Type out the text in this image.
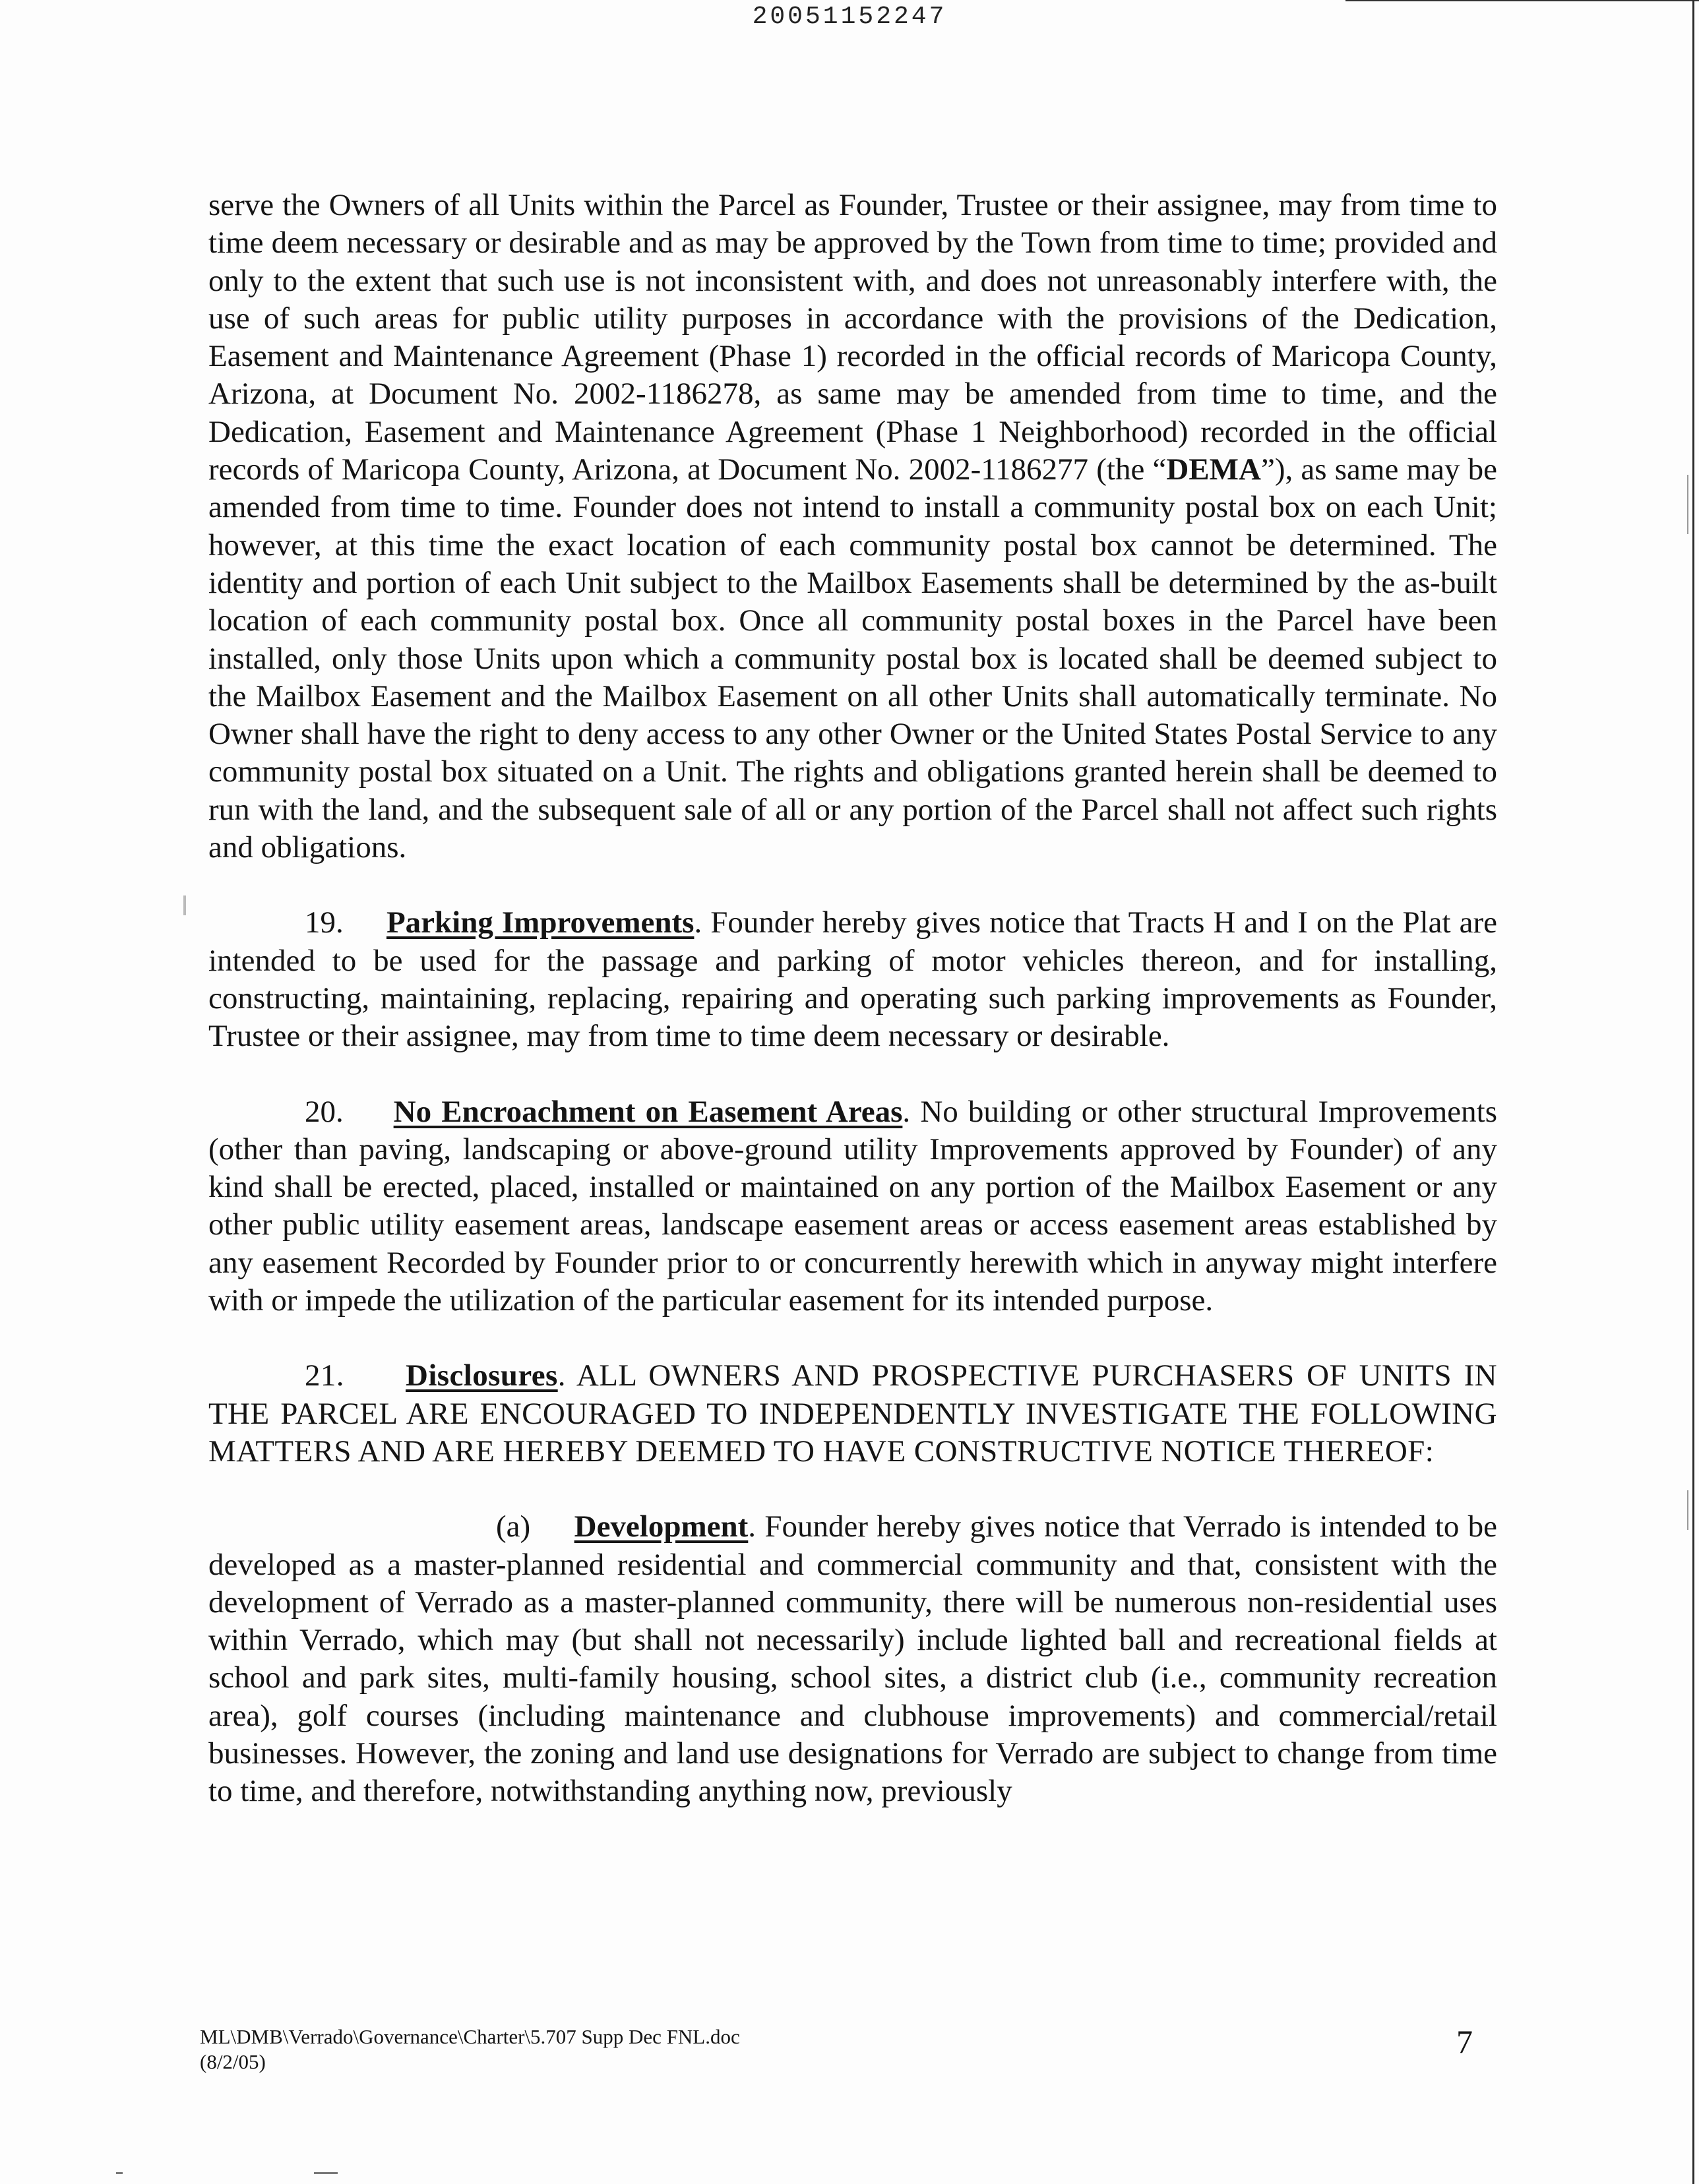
20051152247

serve the Owners of all Units within the Parcel as Founder, Trustee or their assignee, may from time to time deem necessary or desirable and as may be approved by the Town from time to time; provided and only to the extent that such use is not inconsistent with, and does not unreasonably interfere with, the use of such areas for public utility purposes in accordance with the provisions of the Dedication, Easement and Maintenance Agreement (Phase 1) recorded in the official records of Maricopa County, Arizona, at Document No. 2002-1186278, as same may be amended from time to time, and the Dedication, Easement and Maintenance Agreement (Phase 1 Neighborhood) recorded in the official records of Maricopa County, Arizona, at Document No. 2002-1186277 (the “DEMA”), as same may be amended from time to time. Founder does not intend to install a community postal box on each Unit; however, at this time the exact location of each community postal box cannot be determined. The identity and portion of each Unit subject to the Mailbox Easements shall be determined by the as-built location of each community postal box. Once all community postal boxes in the Parcel have been installed, only those Units upon which a community postal box is located shall be deemed subject to the Mailbox Easement and the Mailbox Easement on all other Units shall automatically terminate. No Owner shall have the right to deny access to any other Owner or the United States Postal Service to any community postal box situated on a Unit. The rights and obligations granted herein shall be deemed to run with the land, and the subsequent sale of all or any portion of the Parcel shall not affect such rights and obligations.

19. Parking Improvements. Founder hereby gives notice that Tracts H and I on the Plat are intended to be used for the passage and parking of motor vehicles thereon, and for installing, constructing, maintaining, replacing, repairing and operating such parking improvements as Founder, Trustee or their assignee, may from time to time deem necessary or desirable.

20. No Encroachment on Easement Areas. No building or other structural Improvements (other than paving, landscaping or above-ground utility Improvements approved by Founder) of any kind shall be erected, placed, installed or maintained on any portion of the Mailbox Easement or any other public utility easement areas, landscape easement areas or access easement areas established by any easement Recorded by Founder prior to or concurrently herewith which in anyway might interfere with or impede the utilization of the particular easement for its intended purpose.

21. Disclosures. ALL OWNERS AND PROSPECTIVE PURCHASERS OF UNITS IN THE PARCEL ARE ENCOURAGED TO INDEPENDENTLY INVESTIGATE THE FOLLOWING MATTERS AND ARE HEREBY DEEMED TO HAVE CONSTRUCTIVE NOTICE THEREOF:

(a) Development. Founder hereby gives notice that Verrado is intended to be developed as a master-planned residential and commercial community and that, consistent with the development of Verrado as a master-planned community, there will be numerous non-residential uses within Verrado, which may (but shall not necessarily) include lighted ball and recreational fields at school and park sites, multi-family housing, school sites, a district club (i.e., community recreation area), golf courses (including maintenance and clubhouse improvements) and commercial/retail businesses. However, the zoning and land use designations for Verrado are subject to change from time to time, and therefore, notwithstanding anything now, previously

ML\DMB\Verrado\Governance\Charter\5.707 Supp Dec FNL.doc
(8/2/05)
7
